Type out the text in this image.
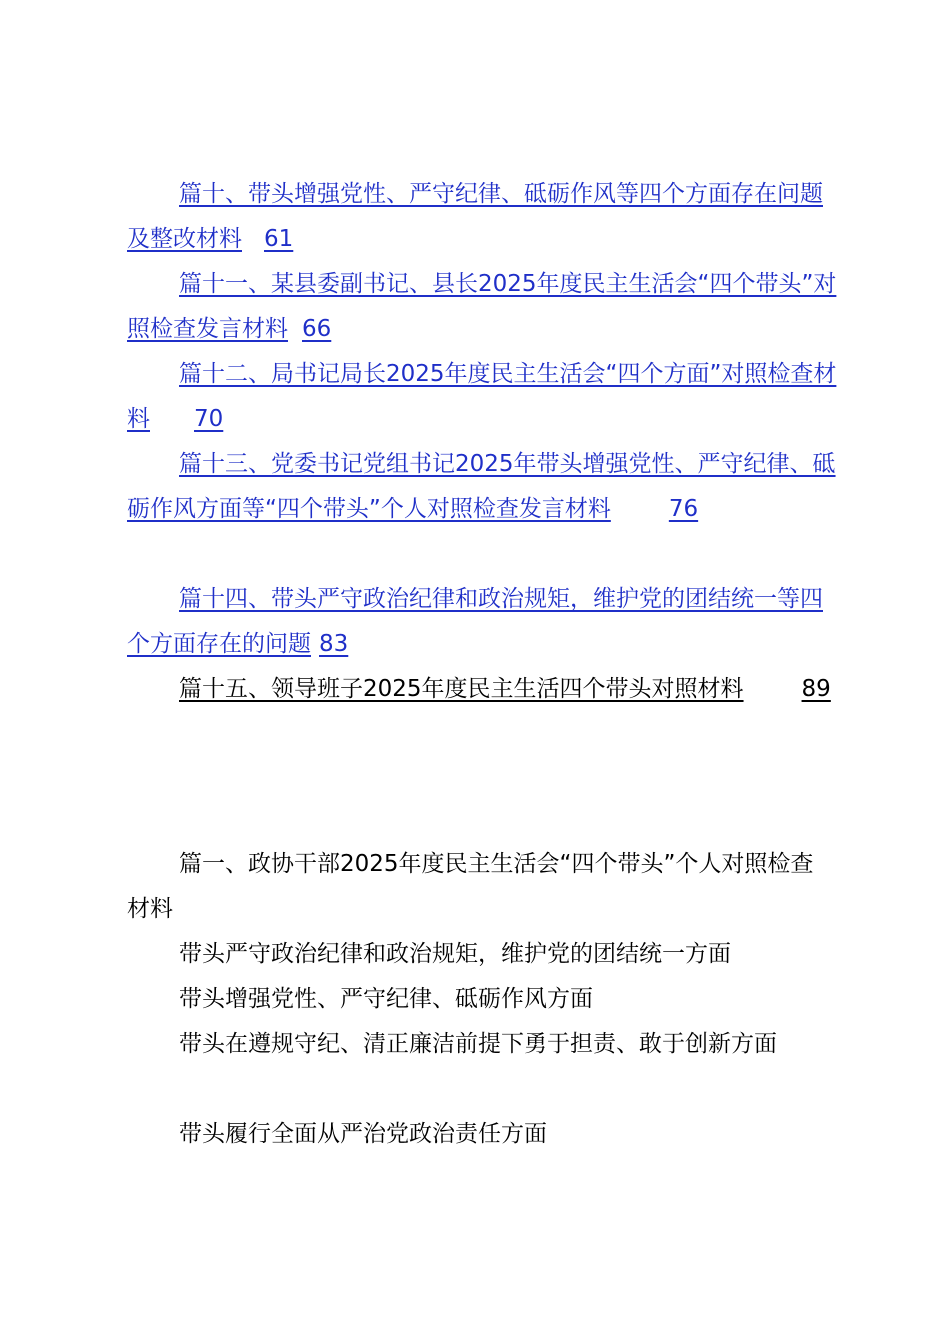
篇十、带头增强党性、严守纪律、砥砺作风等四个方面存在问题及整改材料 61
篇十一、某县委副书记、县长2025年度民主生活会“四个带头”对照检查发言材料 66
篇十二、局书记局长2025年度民主生活会“四个方面”对照检查材料 70
篇十三、党委书记党组书记2025年带头增强党性、严守纪律、砥砺作风方面等“四个带头”个人对照检查发言材料	76
篇十四、带头严守政治纪律和政治规矩，维护党的团结统一等四个方面存在的问题 83
篇十五、领导班子2025年度民主生活四个带头对照材料	89
篇一、政协干部2025年度民主生活会“四个带头”个人对照检查材料
带头严守政治纪律和政治规矩，维护党的团结统一方面
带头增强党性、严守纪律、砥砺作风方面
带头在遵规守纪、清正廉洁前提下勇于担责、敢于创新方面
带头履行全面从严治党政治责任方面
